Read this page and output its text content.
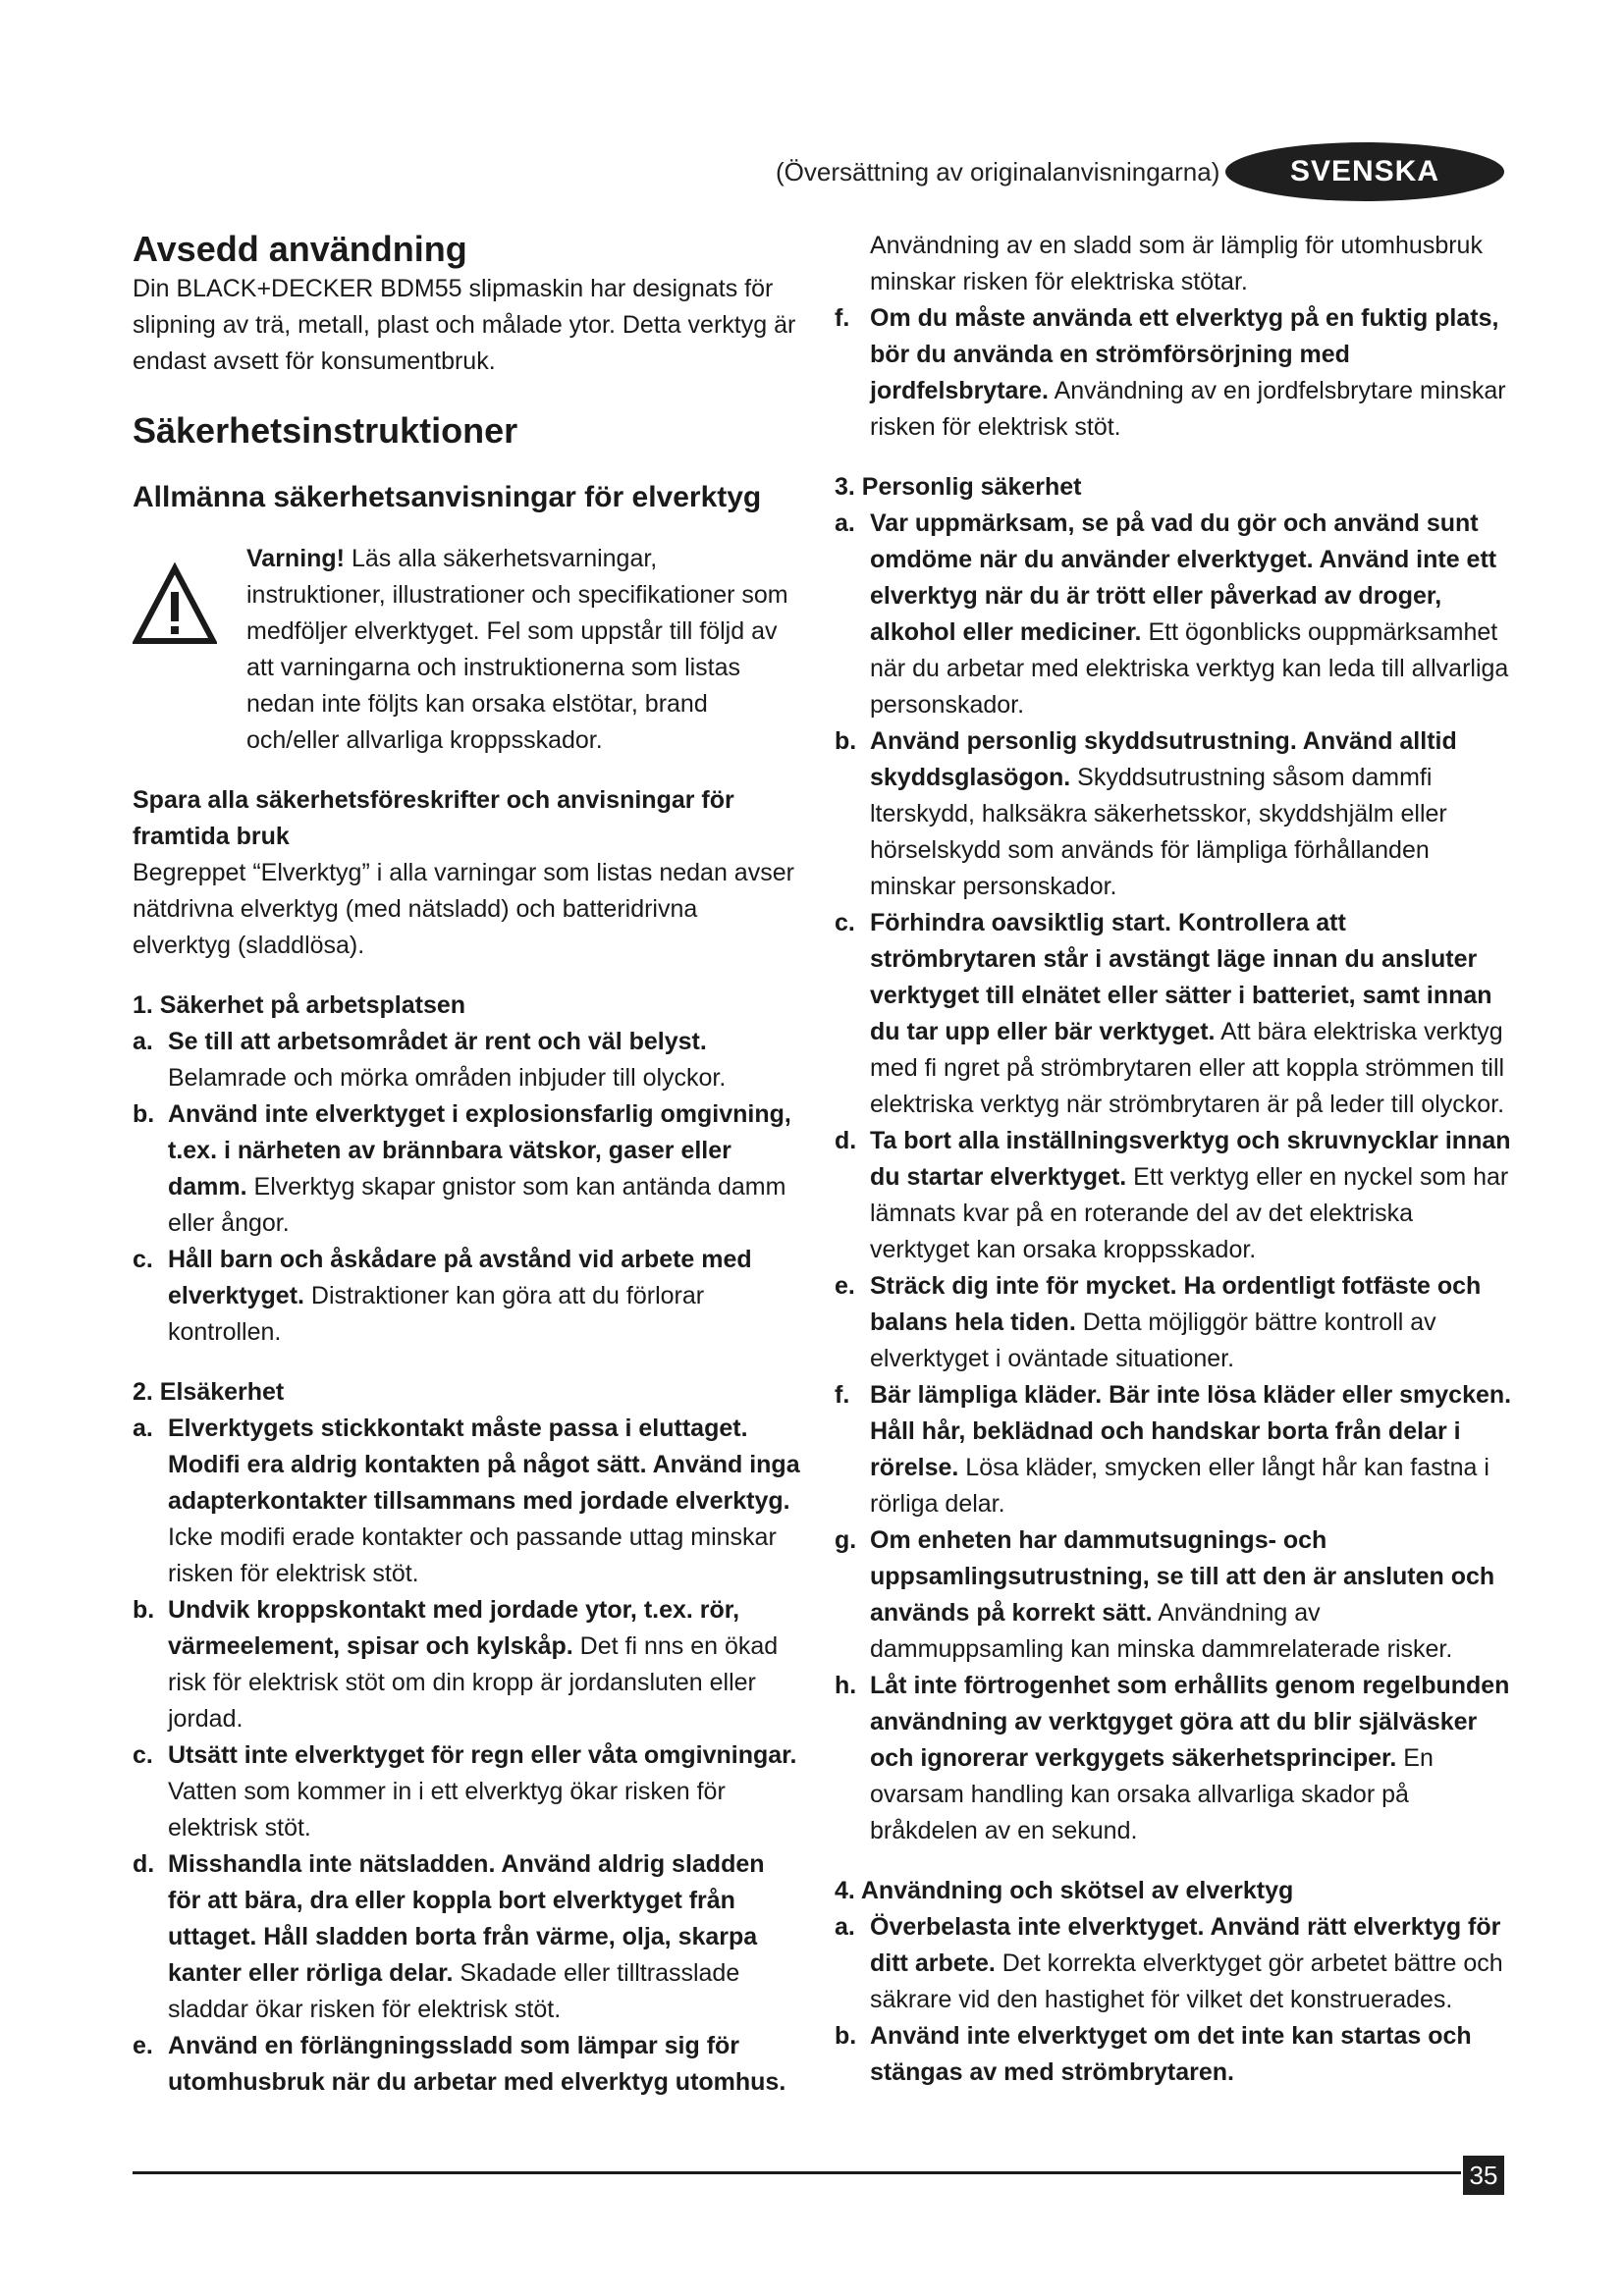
(Översättning av originalanvisningarna)	SVENSKA
Avsedd användning

Din BLACK+DECKER BDM55 slipmaskin har designats för slipning av trä, metall, plast och målade ytor. Detta verktyg är endast avsett för konsumentbruk.

Säkerhetsinstruktioner
Allmänna säkerhetsanvisningar för elverktyg

Varning! Läs alla säkerhetsvarningar, instruktioner, illustrationer och specifikationer som medföljer elverktyget. Fel som uppstår till följd av att varningarna och instruktionerna som listas nedan inte följts kan orsaka elstötar, brand och/eller allvarliga kroppsskador.

Spara alla säkerhetsföreskrifter och anvisningar för framtida bruk

Begreppet “Elverktyg” i alla varningar som listas nedan avser nätdrivna elverktyg (med nätsladd) och batteridrivna elverktyg (sladdlösa).

1. Säkerhet på arbetsplatsen

a. Se till att arbetsområdet är rent och väl belyst. Belamrade och mörka områden inbjuder till olyckor.

b. Använd inte elverktyget i explosionsfarlig omgivning, t.ex. i närheten av brännbara vätskor, gaser eller damm. Elverktyg skapar gnistor som kan antända damm eller ångor.

c. Håll barn och åskådare på avstånd vid arbete med elverktyget. Distraktioner kan göra att du förlorar kontrollen.

2. Elsäkerhet

a. Elverktygets stickkontakt måste passa i eluttaget. Modifi era aldrig kontakten på något sätt. Använd inga adapterkontakter tillsammans med jordade elverktyg. Icke modifi erade kontakter och passande uttag minskar risken för elektrisk stöt.

b. Undvik kroppskontakt med jordade ytor, t.ex. rör, värmeelement, spisar och kylskåp. Det fi nns en ökad risk för elektrisk stöt om din kropp är jordansluten eller jordad.

c. Utsätt inte elverktyget för regn eller våta omgivningar. Vatten som kommer in i ett elverktyg ökar risken för elektrisk stöt.

d. Misshandla inte nätsladden. Använd aldrig sladden för att bära, dra eller koppla bort elverktyget från uttaget. Håll sladden borta från värme, olja, skarpa kanter eller rörliga delar. Skadade eller tilltrasslade sladdar ökar risken för elektrisk stöt.

e. Använd en förlängningssladd som lämpar sig för utomhusbruk när du arbetar med elverktyg utomhus.

Användning av en sladd som är lämplig för utomhusbruk minskar risken för elektriska stötar.

f. Om du måste använda ett elverktyg på en fuktig plats, bör du använda en strömförsörjning med jordfelsbrytare. Användning av en jordfelsbrytare minskar risken för elektrisk stöt.

3. Personlig säkerhet

a. Var uppmärksam, se på vad du gör och använd sunt omdöme när du använder elverktyget. Använd inte ett elverktyg när du är trött eller påverkad av droger, alkohol eller mediciner. Ett ögonblicks ouppmärksamhet när du arbetar med elektriska verktyg kan leda till allvarliga personskador.

b. Använd personlig skyddsutrustning. Använd alltid skyddsglasögon. Skyddsutrustning såsom dammfi lterskydd, halksäkra säkerhetsskor, skyddshjälm eller hörselskydd som används för lämpliga förhållanden minskar personskador.

c. Förhindra oavsiktlig start. Kontrollera att strömbrytaren står i avstängt läge innan du ansluter verktyget till elnätet eller sätter i batteriet, samt innan du tar upp eller bär verktyget. Att bära elektriska verktyg med fi ngret på strömbrytaren eller att koppla strömmen till elektriska verktyg när strömbrytaren är på leder till olyckor.

d. Ta bort alla inställningsverktyg och skruvnycklar innan du startar elverktyget. Ett verktyg eller en nyckel som har lämnats kvar på en roterande del av det elektriska verktyget kan orsaka kroppsskador.

e. Sträck dig inte för mycket. Ha ordentligt fotfäste och balans hela tiden. Detta möjliggör bättre kontroll av elverktyget i oväntade situationer.

f. Bär lämpliga kläder. Bär inte lösa kläder eller smycken. Håll hår, beklädnad och handskar borta från delar i rörelse. Lösa kläder, smycken eller långt hår kan fastna i rörliga delar.

g. Om enheten har dammutsugnings- och uppsamlingsutrustning, se till att den är ansluten och används på korrekt sätt. Användning av dammuppsamling kan minska dammrelaterade risker.

h. Låt inte förtrogenhet som erhållits genom regelbunden användning av verktgyget göra att du blir själväsker och ignorerar verkgygets säkerhetsprinciper. En ovarsam handling kan orsaka allvarliga skador på bråkdelen av en sekund.

4. Användning och skötsel av elverktyg

a. Överbelasta inte elverktyget. Använd rätt elverktyg för ditt arbete. Det korrekta elverktyget gör arbetet bättre och säkrare vid den hastighet för vilket det konstruerades.

b. Använd inte elverktyget om det inte kan startas och stängas av med strömbrytaren.

35
